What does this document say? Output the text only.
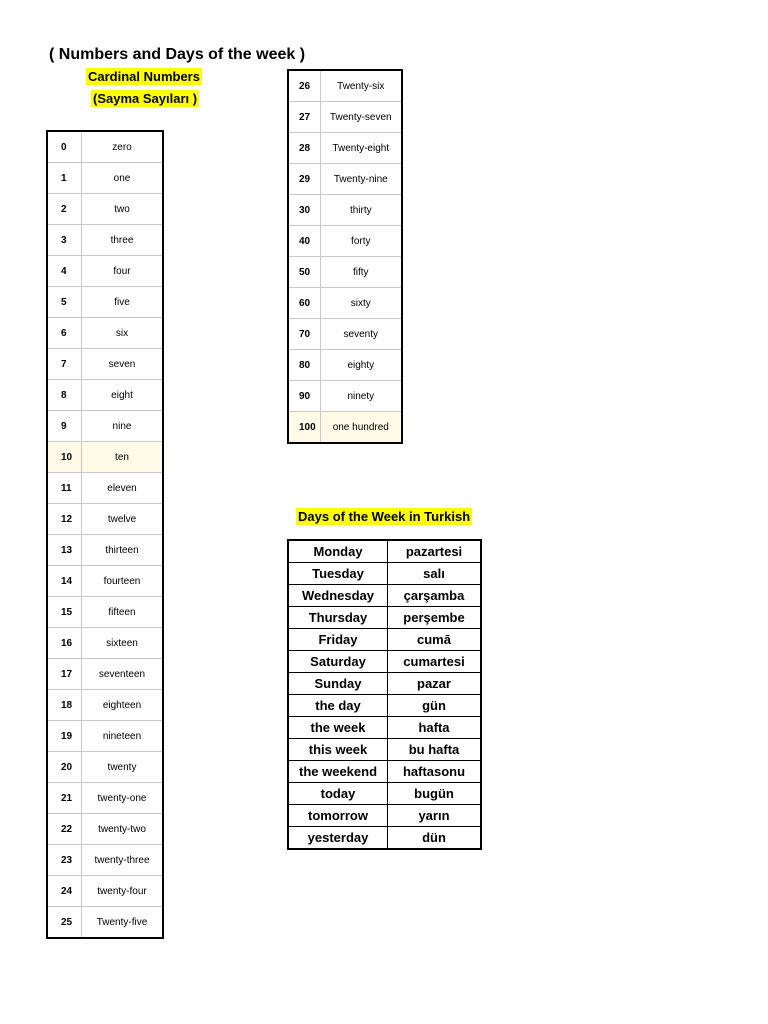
( Numbers and Days of the week )
Cardinal Numbers
(Sayma Sayıları )
0	zero
1	one
2	two
3	three
4	four
5	five
6	six
7	seven
8	eight
9	nine
10	ten
11	eleven
12	twelve
13	thirteen
14	fourteen
15	fifteen
16	sixteen
17	seventeen
18	eighteen
19	nineteen
20	twenty
21	twenty-one
22	twenty-two
23	twenty-three
24	twenty-four
25	Twenty-five
26	Twenty-six
27	Twenty-seven
28	Twenty-eight
29	Twenty-nine
30	thirty
40	forty
50	fifty
60	sixty
70	seventy
80	eighty
90	ninety
100	one hundred
Days of the Week in Turkish
Monday	pazartesi
Tuesday	salı
Wednesday	çarşamba
Thursday	perşembe
Friday	cumā
Saturday	cumartesi
Sunday	pazar
the day	gün
the week	hafta
this week	bu hafta
the weekend	haftasonu
today	bugün
tomorrow	yarın
yesterday	dün
